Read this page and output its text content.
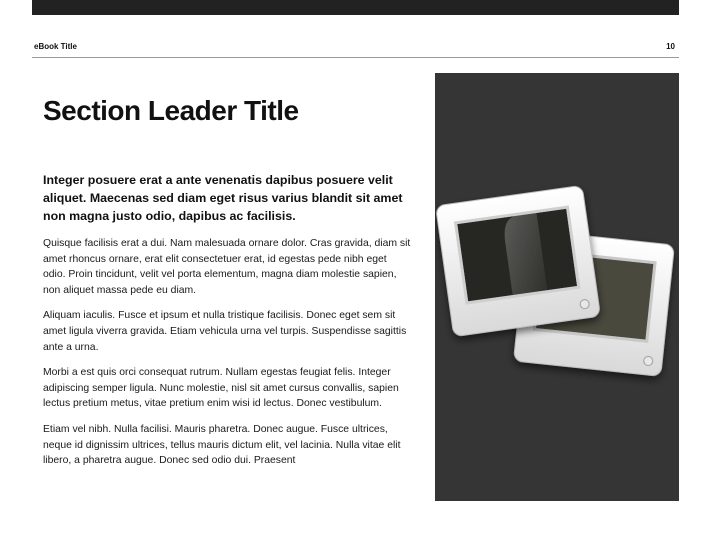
eBook Title	10
Section Leader Title

Integer posuere erat a ante venenatis dapibus posuere velit aliquet. Maecenas sed diam eget risus varius blandit sit amet non magna justo odio, dapibus ac facilisis.

Quisque facilisis erat a dui. Nam malesuada ornare dolor. Cras gravida, diam sit amet rhoncus ornare, erat elit consectetuer erat, id egestas pede nibh eget odio. Proin tincidunt, velit vel porta elementum, magna diam molestie sapien, non aliquet massa pede eu diam.

Aliquam iaculis. Fusce et ipsum et nulla tristique facilisis. Donec eget sem sit amet ligula viverra gravida. Etiam vehicula urna vel turpis. Suspendisse sagittis ante a urna.

Morbi a est quis orci consequat rutrum. Nullam egestas feugiat felis. Integer adipiscing semper ligula. Nunc molestie, nisl sit amet cursus convallis, sapien lectus pretium metus, vitae pretium enim wisi id lectus. Donec vestibulum.

Etiam vel nibh. Nulla facilisi. Mauris pharetra. Donec augue. Fusce ultrices, neque id dignissim ultrices, tellus mauris dictum elit, vel lacinia. Nulla vitae elit libero, a pharetra augue. Donec sed odio dui. Praesent
